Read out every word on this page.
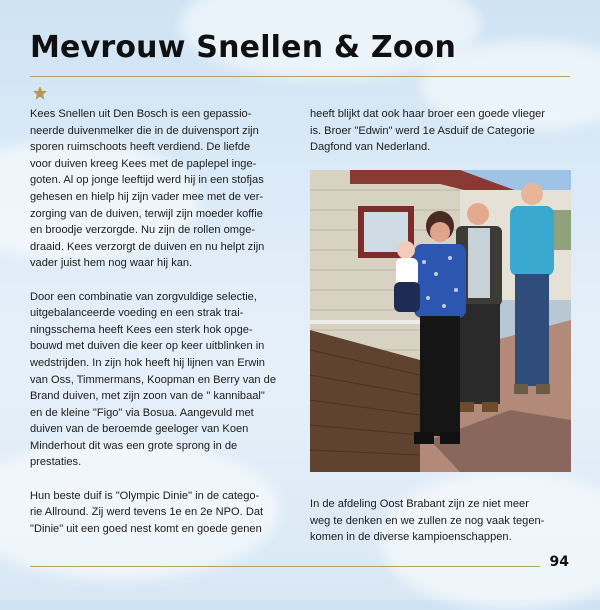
Mevrouw Snellen & Zoon

Kees Snellen uit Den Bosch is een gepassio-
neerde duivenmelker die in de duivensport zijn
sporen ruimschoots heeft verdiend. De liefde
voor duiven kreeg Kees met de paplepel inge-
goten. Al op jonge leeftijd werd hij in een stofjas
gehesen en hielp hij zijn vader mee met de ver-
zorging van de duiven, terwijl zijn moeder koffie
en broodje verzorgde. Nu zijn de rollen omge-
draaid. Kees verzorgt de duiven en nu helpt zijn
vader juist hem nog waar hij kan.

Door een combinatie van zorgvuldige selectie,
uitgebalanceerde voeding en een strak trai-
ningsschema heeft Kees een sterk hok opge-
bouwd met duiven die keer op keer uitblinken in
wedstrijden. In zijn hok heeft hij lijnen van Erwin
van Oss, Timmermans, Koopman en Berry van de
Brand duiven, met zijn zoon van de " kannibaal"
en de kleine "Figo" via Bosua. Aangevuld met
duiven van de beroemde geeloger van Koen
Minderhout dit was een grote sprong in de
prestaties.

Hun beste duif is "Olympic Dinie" in de catego-
rie Allround. Zij werd tevens 1e en 2e NPO. Dat
"Dinie" uit een goed nest komt en goede genen

heeft blijkt dat ook haar broer een goede vlieger
is. Broer "Edwin" werd 1e Asduif de Categorie
Dagfond van Nederland.

In de afdeling Oost Brabant zijn ze niet meer
weg te denken en we zullen ze nog vaak tegen-
komen in de diverse kampioenschappen.

94
